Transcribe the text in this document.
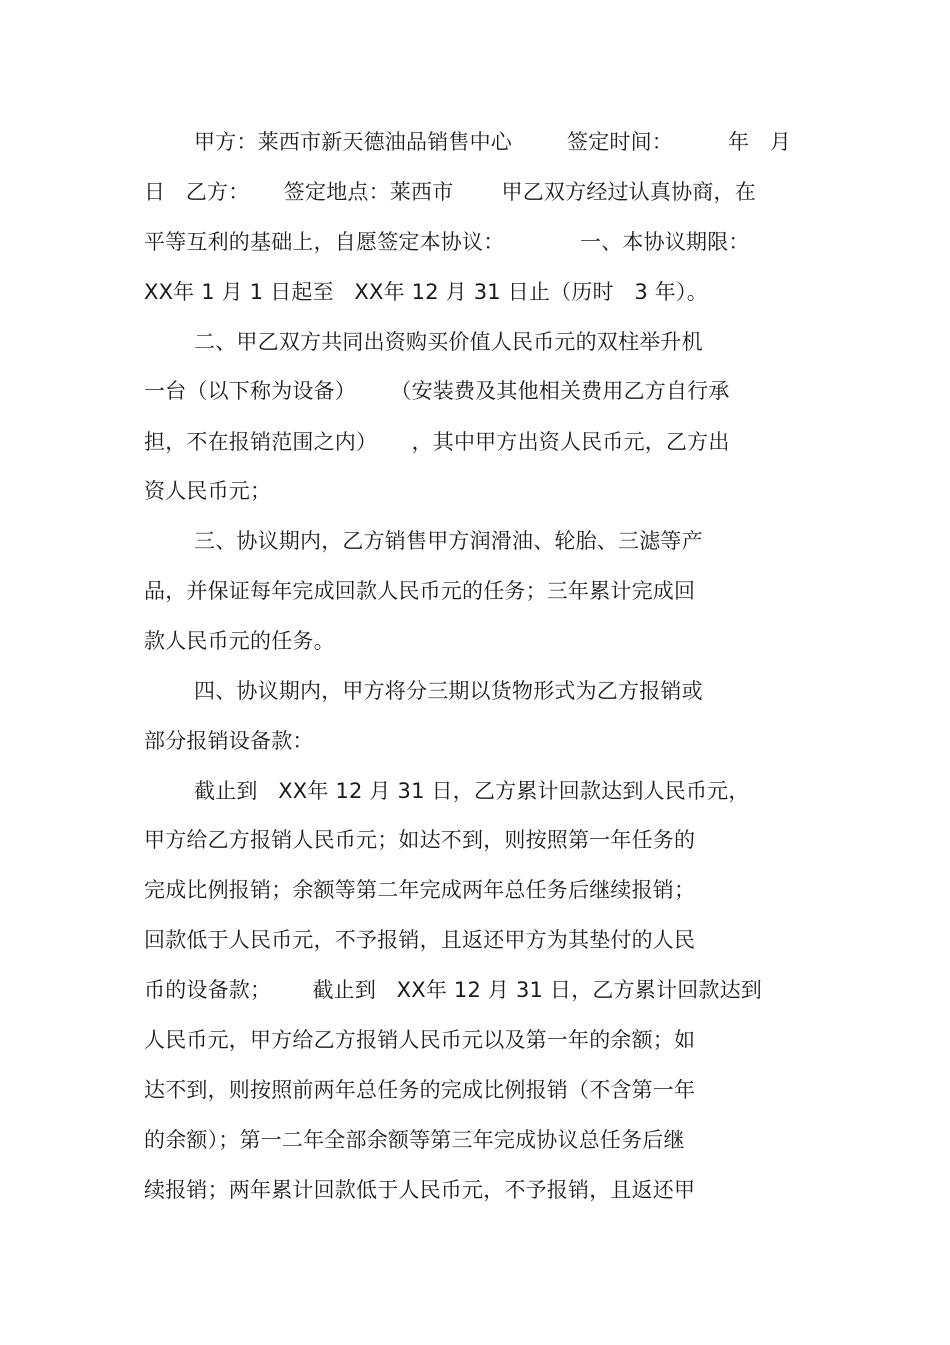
甲方：莱西市新天德油品销售中心        签定时间：        年   月
日   乙方：     签定地点：莱西市       甲乙双方经过认真协商，在
平等互利的基础上，自愿签定本协议：           一、本协议期限：
XX年 1 月 1 日起至   XX年 12 月 31 日止（历时   3 年）。
二、甲乙双方共同出资购买价值人民币元的双柱举升机
一台（以下称为设备）     （安装费及其他相关费用乙方自行承
担，不在报销范围之内）     ，其中甲方出资人民币元，乙方出
资人民币元；
三、协议期内，乙方销售甲方润滑油、轮胎、三滤等产
品，并保证每年完成回款人民币元的任务；三年累计完成回
款人民币元的任务。
四、协议期内，甲方将分三期以货物形式为乙方报销或
部分报销设备款：
截止到   XX年 12 月 31 日，乙方累计回款达到人民币元，
甲方给乙方报销人民币元；如达不到，则按照第一年任务的
完成比例报销；余额等第二年完成两年总任务后继续报销；
回款低于人民币元，不予报销，且返还甲方为其垫付的人民
币的设备款；      截止到   XX年 12 月 31 日，乙方累计回款达到
人民币元，甲方给乙方报销人民币元以及第一年的余额；如
达不到，则按照前两年总任务的完成比例报销（不含第一年
的余额）；第一二年全部余额等第三年完成协议总任务后继
续报销；两年累计回款低于人民币元，不予报销，且返还甲
